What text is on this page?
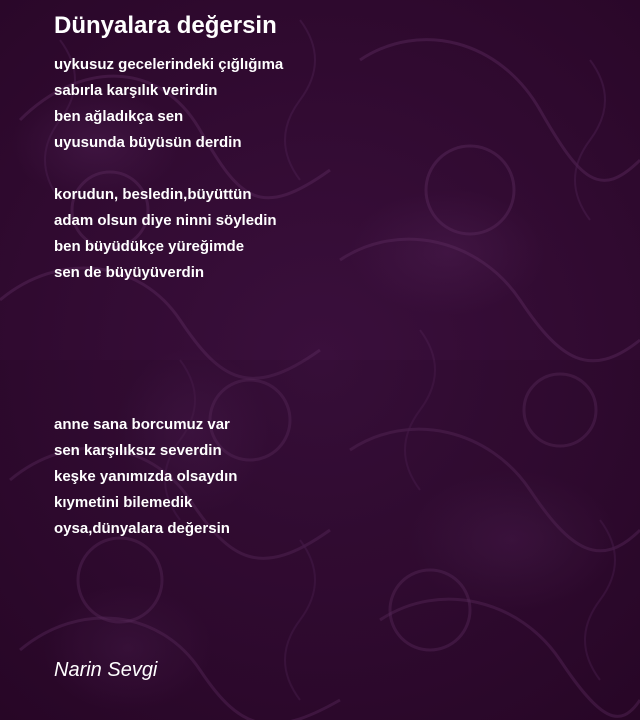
Dünyalara değersin

uykusuz gecelerindeki çığlığıma
sabırla karşılık verirdin
ben ağladıkça sen
uyusunda büyüsün derdin

korudun, besledin,büyüttün
adam olsun diye ninni söyledin
ben büyüdükçe yüreğimde
sen de büyüyüverdin

anne sana borcumuz var
sen karşılıksız severdin
keşke yanımızda olsaydın
kıymetini bilemedik
oysa,dünyalara değersin

Narin Sevgi
